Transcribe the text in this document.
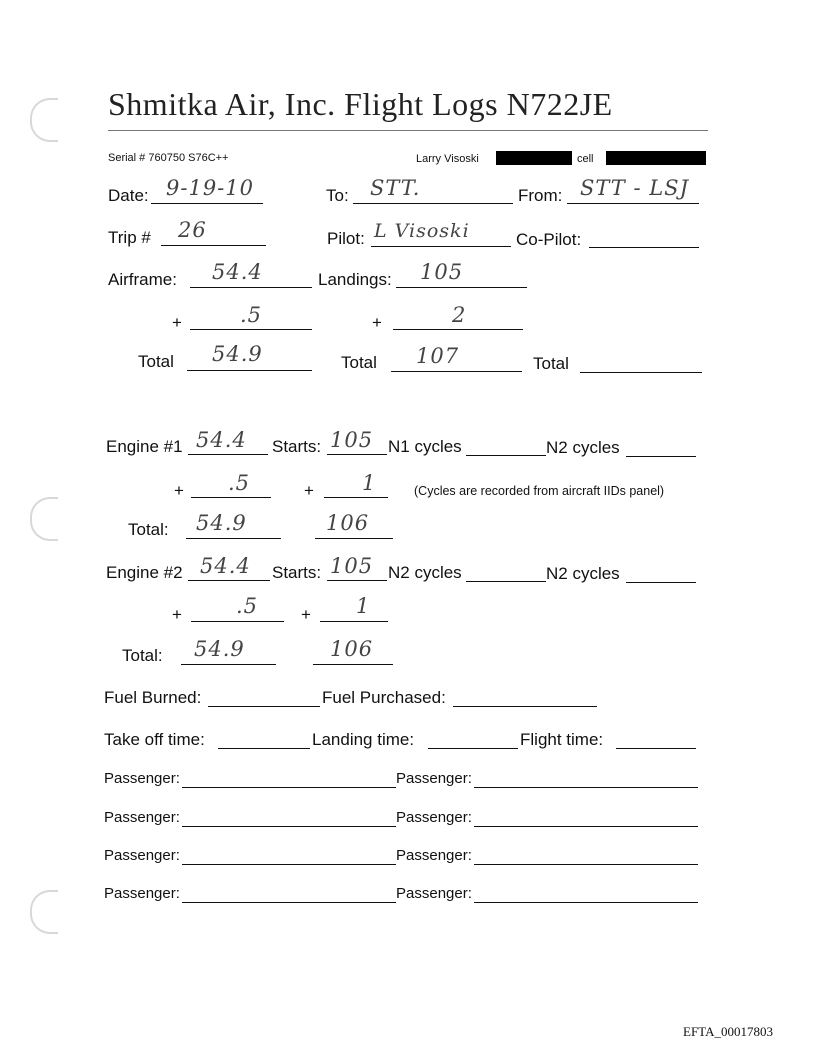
Shmitka Air, Inc. Flight Logs N722JE
Serial # 760750 S76C++	Larry Visoski	cell
Date: 9-19-10	To: STT.	From: STT - LSJ
Trip # 26	Pilot: L Visoski	Co-Pilot:
Airframe: 54.4	Landings: 105
+	.5	+	2
Total 54.9	Total 107	Total
Engine #1 54.4 Starts: 105 N1 cycles	N2 cycles
+ .5	+ 1	(Cycles are recorded from aircraft IIDs panel)
Total: 54.9	106
Engine #2 54.4 Starts: 105 N2 cycles	N2 cycles
+	.5	+ 1
Total: 54.9	106
Fuel Burned:	Fuel Purchased:
Take off time:	Landing time:	Flight time:
Passenger:	Passenger:
Passenger:	Passenger:
Passenger:	Passenger:
Passenger:	Passenger:
EFTA_00017803
